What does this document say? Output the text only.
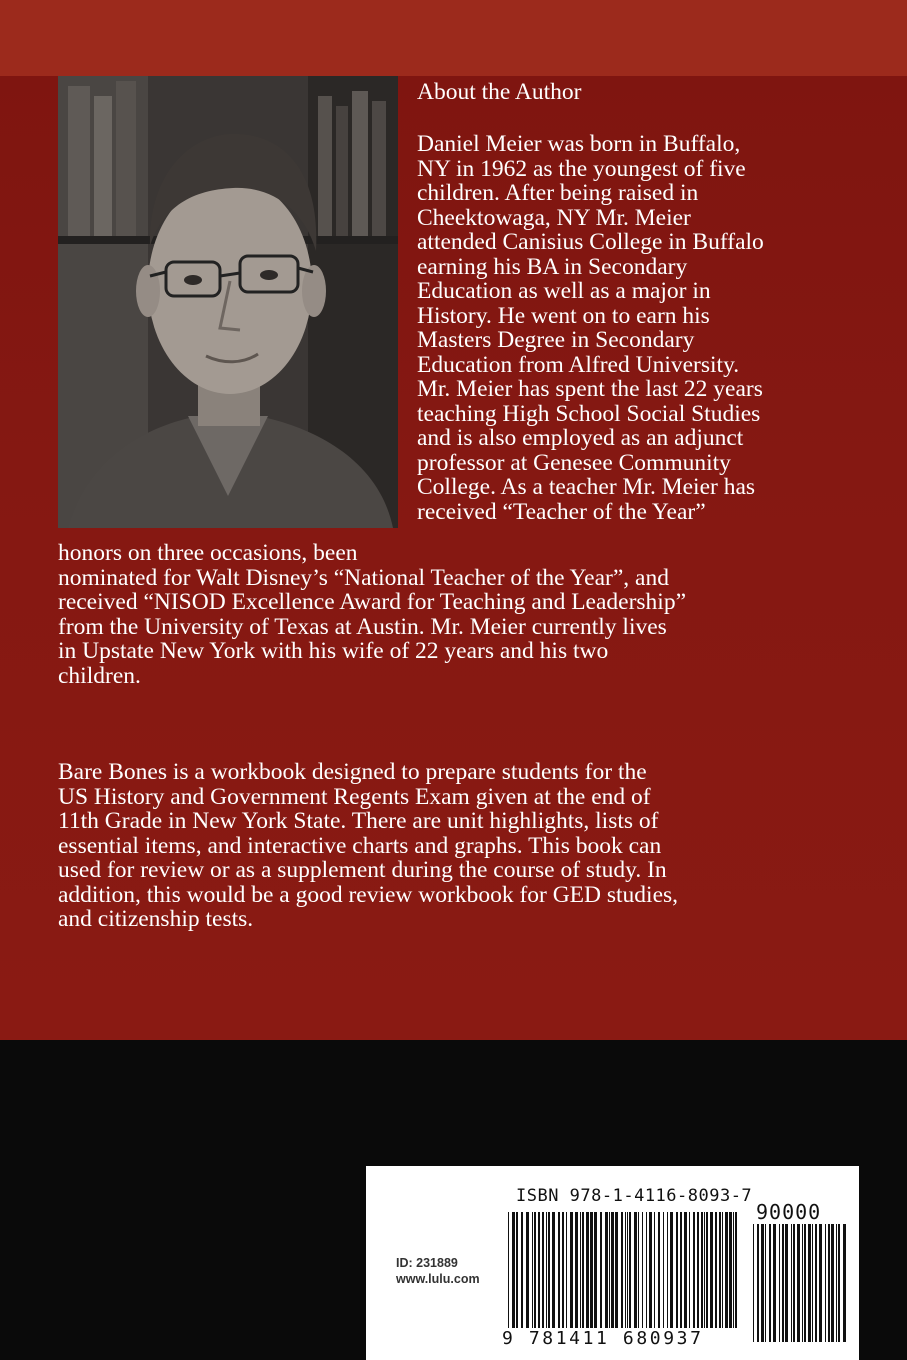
About the Author

Daniel Meier was born in Buffalo,
NY in 1962 as the youngest of five
children. After being raised in
Cheektowaga, NY Mr. Meier
attended Canisius College in Buffalo
earning his BA in Secondary
Education as well as a major in
History. He went on to earn his
Masters Degree in Secondary
Education from Alfred University.
Mr. Meier has spent the last 22 years
teaching High School Social Studies
and is also employed as an adjunct
professor at Genesee Community
College. As a teacher Mr. Meier has
received “Teacher of the Year”

honors on three occasions, been
nominated for Walt Disney’s “National Teacher of the Year”, and
received “NISOD Excellence Award for Teaching and Leadership”
from the University of Texas at Austin. Mr. Meier currently lives
in Upstate New York with his wife of 22 years and his two
children.

Bare Bones is a workbook designed to prepare students for the
US History and Government Regents Exam given at the end of
11th Grade in New York State. There are unit highlights, lists of
essential items, and interactive charts and graphs. This book can
used for review or as a supplement during the course of study. In
addition, this would be a good review workbook for GED studies,
and citizenship tests.

ISBN 978-1-4116-8093-7
90000
ID: 231889
www.lulu.com
9 781411 680937
